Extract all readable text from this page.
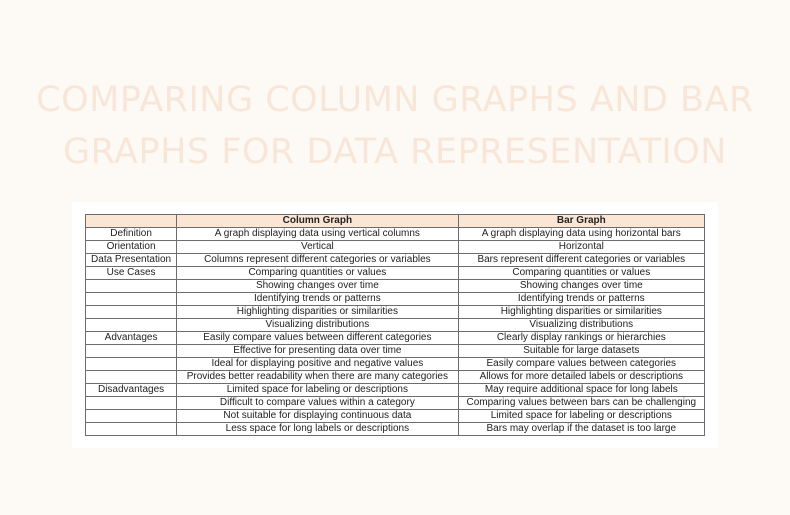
COMPARING COLUMN GRAPHS AND BAR
GRAPHS FOR DATA REPRESENTATION
	Column Graph	Bar Graph
Definition	A graph displaying data using vertical columns	A graph displaying data using horizontal bars
Orientation	Vertical	Horizontal
Data Presentation	Columns represent different categories or variables	Bars represent different categories or variables
Use Cases	Comparing quantities or values	Comparing quantities or values
	Showing changes over time	Showing changes over time
	Identifying trends or patterns	Identifying trends or patterns
	Highlighting disparities or similarities	Highlighting disparities or similarities
	Visualizing distributions	Visualizing distributions
Advantages	Easily compare values between different categories	Clearly display rankings or hierarchies
	Effective for presenting data over time	Suitable for large datasets
	Ideal for displaying positive and negative values	Easily compare values between categories
	Provides better readability when there are many categories	Allows for more detailed labels or descriptions
Disadvantages	Limited space for labeling or descriptions	May require additional space for long labels
	Difficult to compare values within a category	Comparing values between bars can be challenging
	Not suitable for displaying continuous data	Limited space for labeling or descriptions
	Less space for long labels or descriptions	Bars may overlap if the dataset is too large
